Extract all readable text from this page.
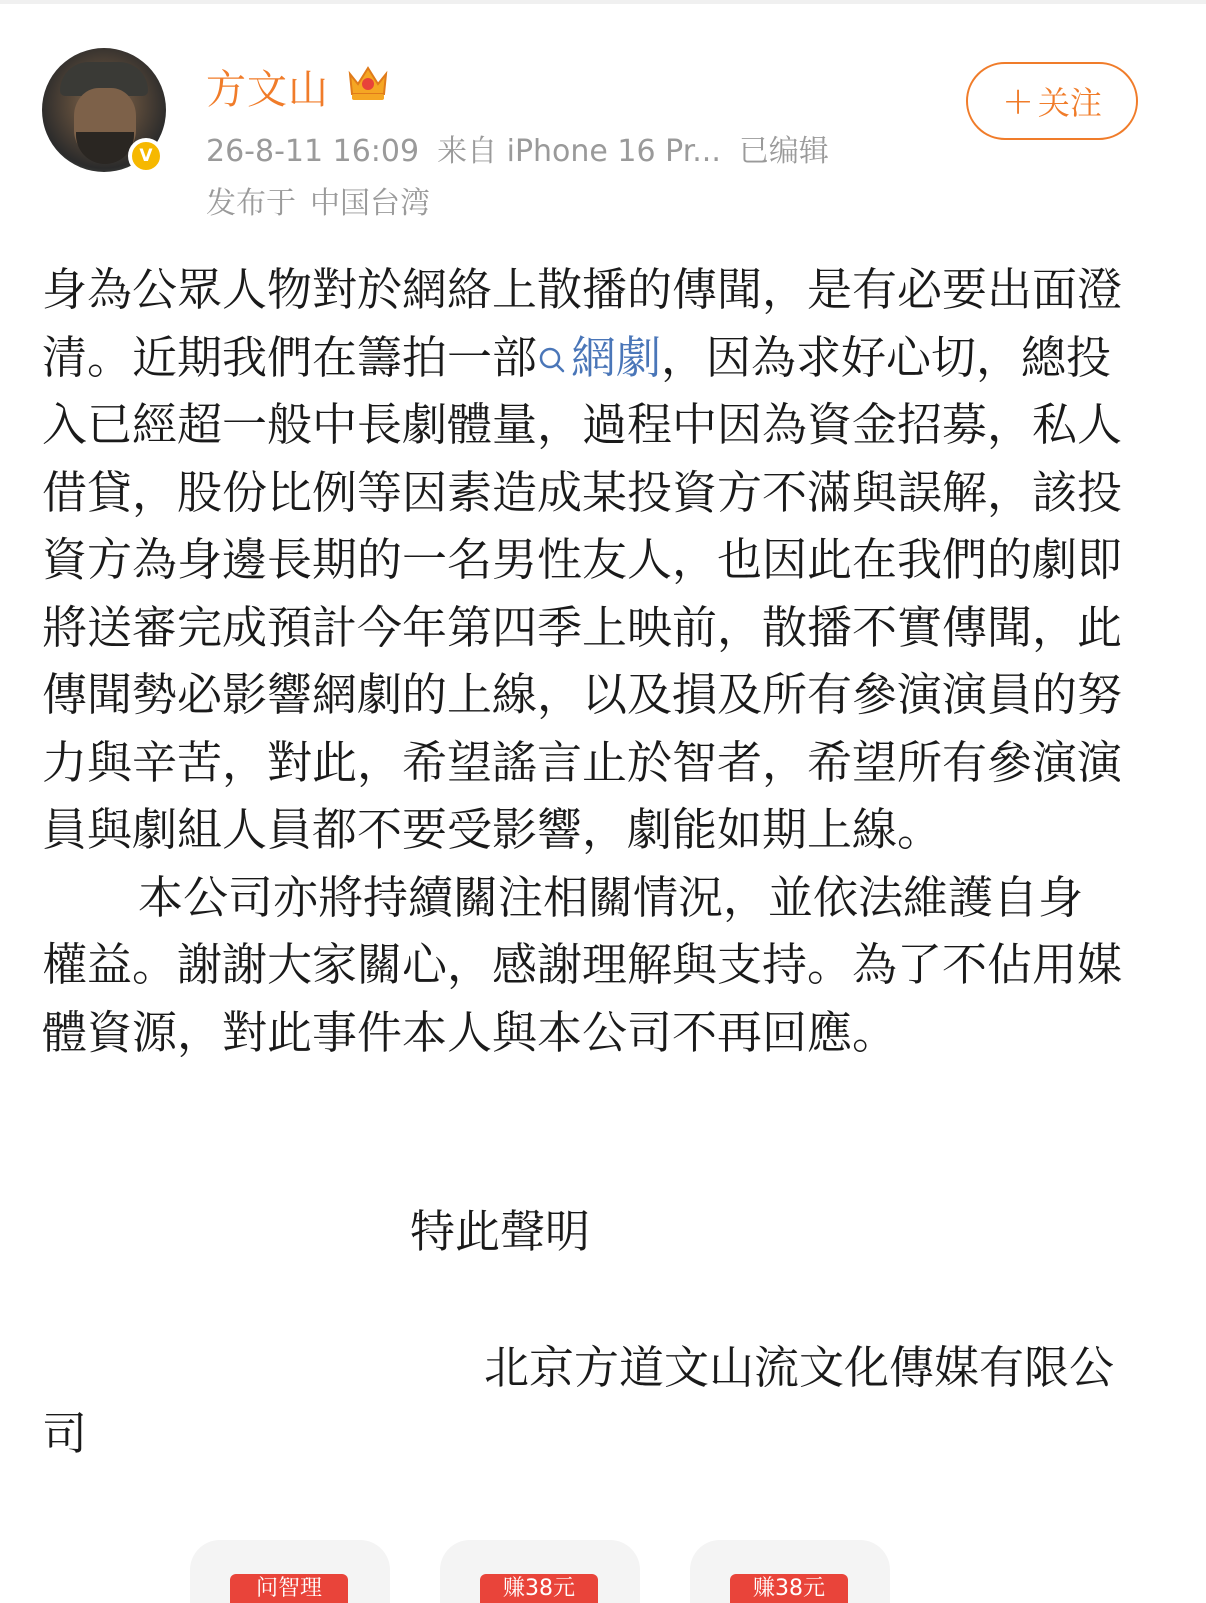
V
方文山
26-8-11 16:09 来自 iPhone 16 Pr... 已编辑
发布于 中国台湾
+ 关注

身為公眾人物對於網絡上散播的傳聞，是有必要出面澄清。近期我們在籌拍一部 網劇，因為求好心切，總投入已經超一般中長劇體量，過程中因為資金招募，私人借貸，股份比例等因素造成某投資方不滿與誤解，該投資方為身邊長期的一名男性友人，也因此在我們的劇即將送審完成預計今年第四季上映前，散播不實傳聞，此傳聞勢必影響網劇的上線，以及損及所有參演演員的努力與辛苦，對此，希望謠言止於智者，希望所有參演演員與劇組人員都不要受影響，劇能如期上線。

本公司亦將持續關注相關情況，並依法維護自身權益。謝謝大家關心，感謝理解與支持。為了不佔用媒體資源，對此事件本人與本公司不再回應。

特此聲明
北京方道文山流文化傳媒有限公
司
问智理	赚38元	赚38元
